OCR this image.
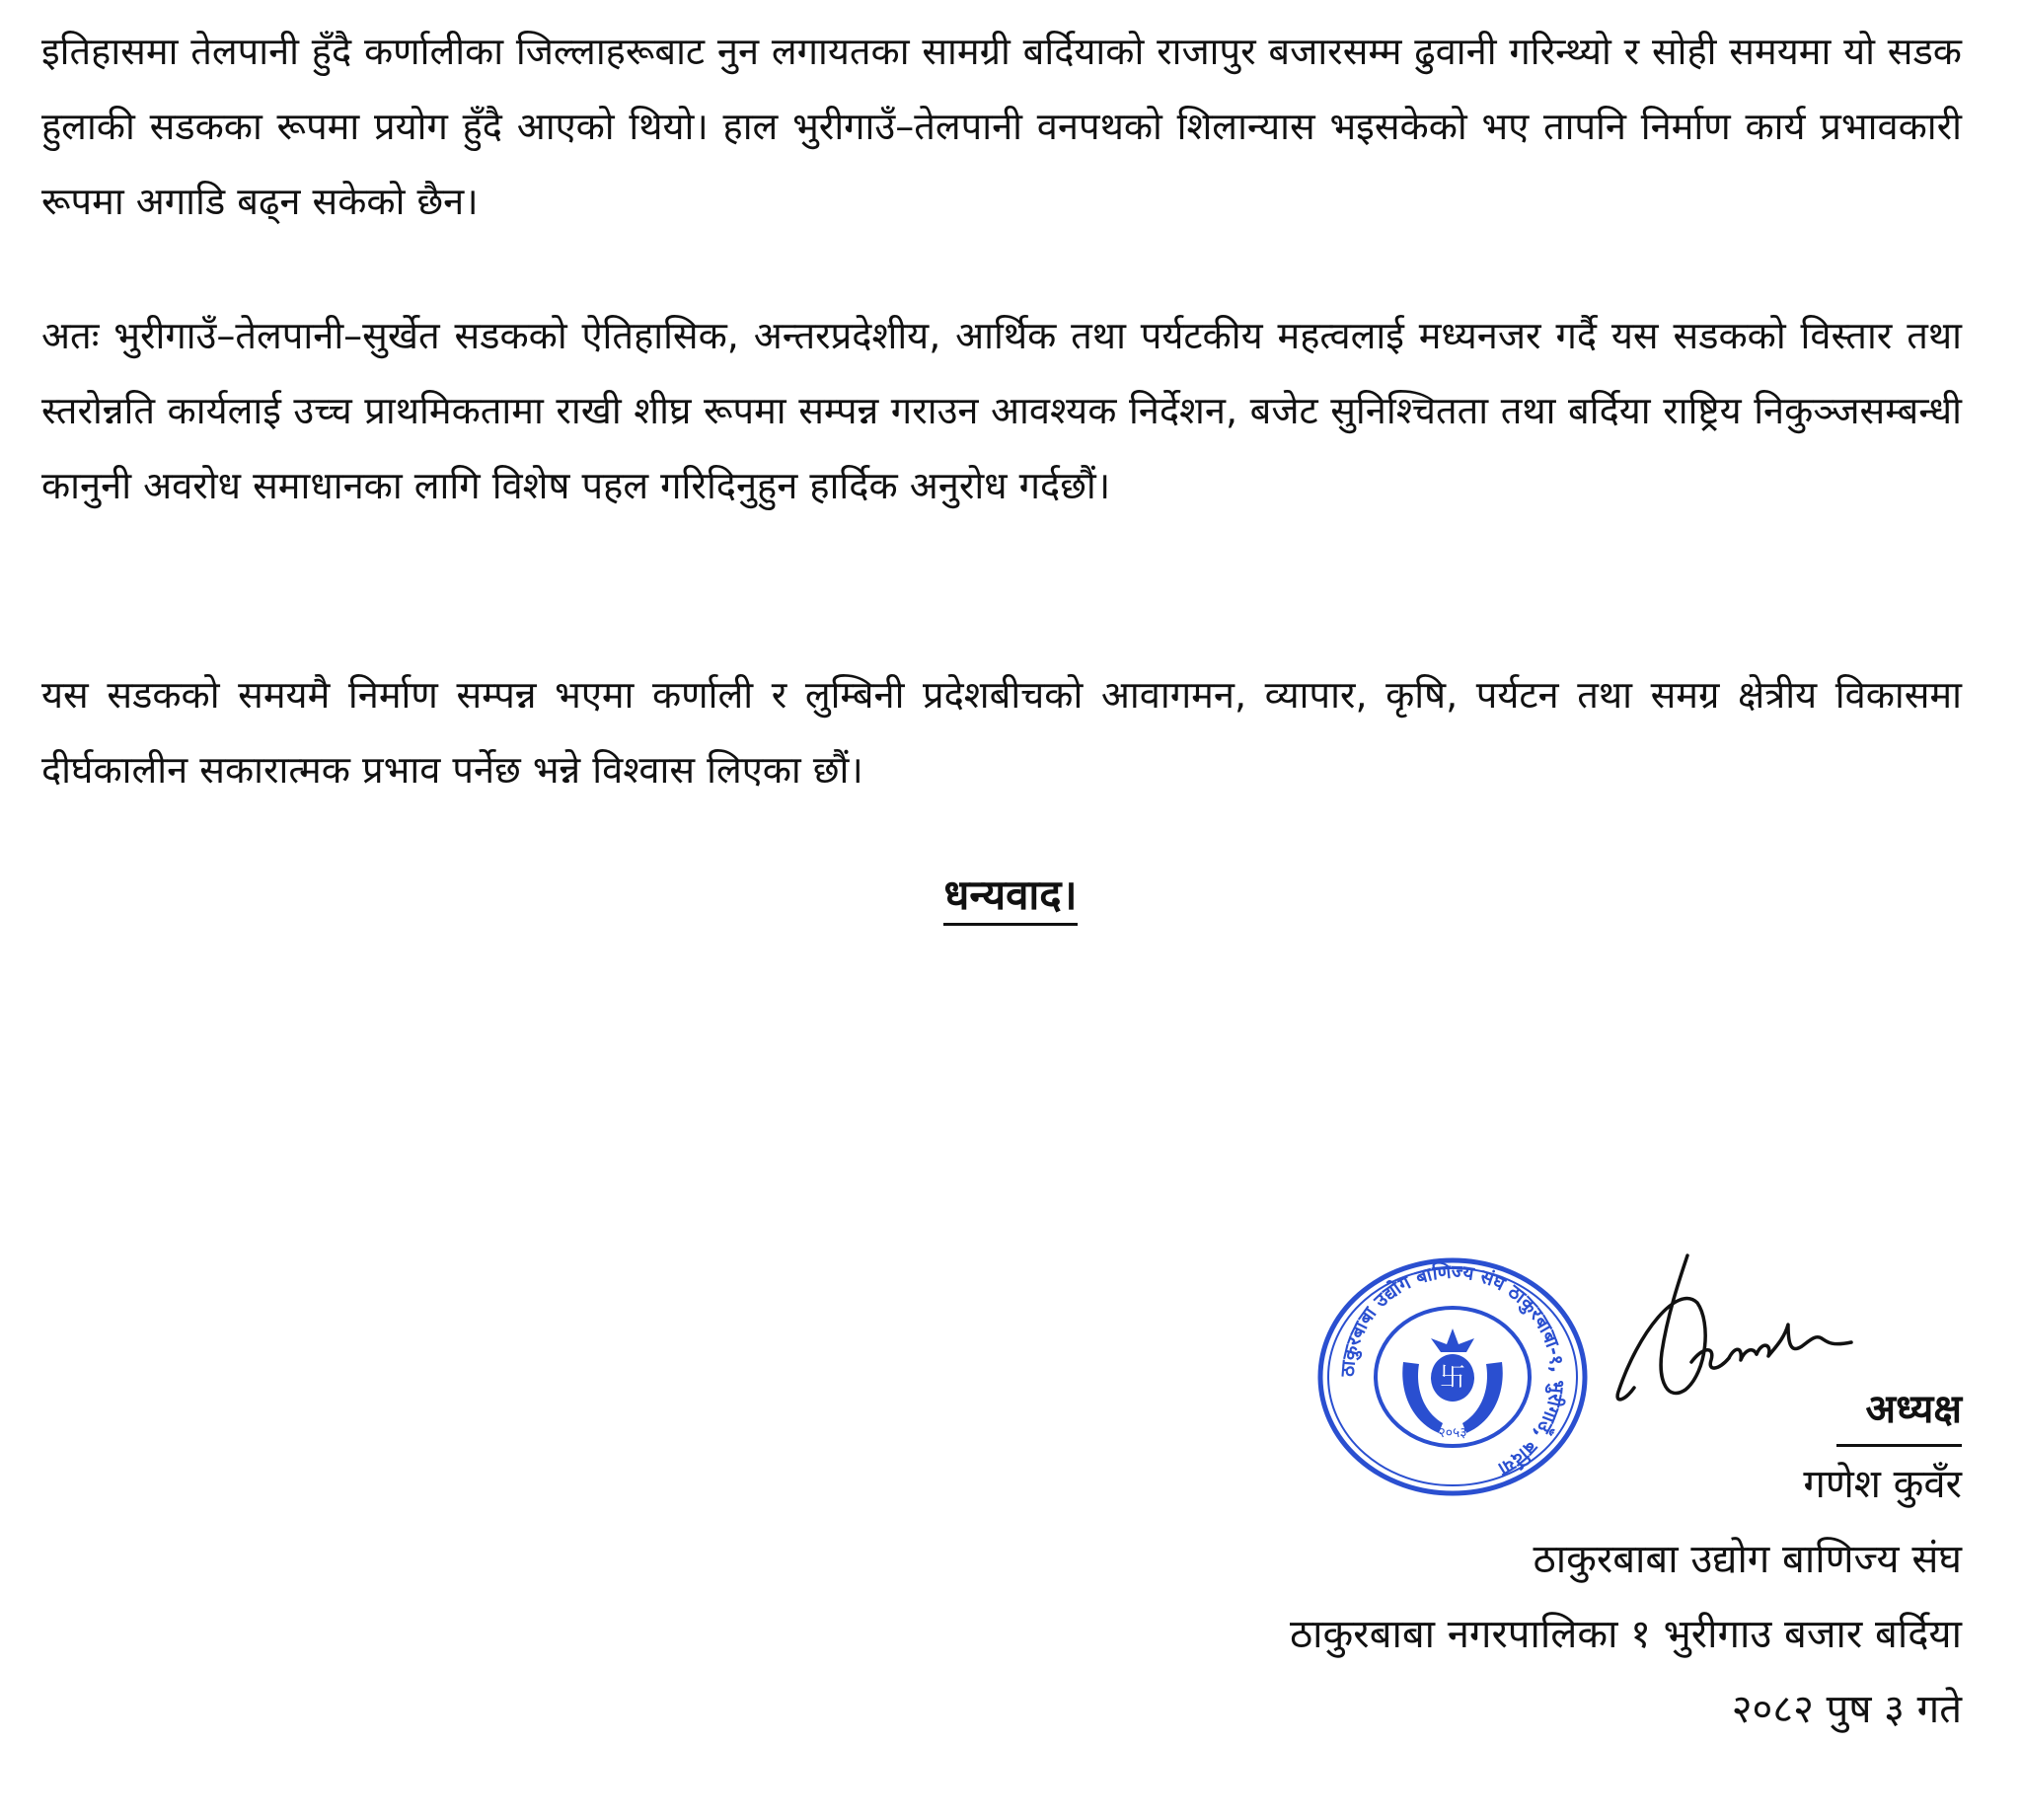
इतिहासमा तेलपानी हुँदै कर्णालीका जिल्लाहरूबाट नुन लगायतका सामग्री बर्दियाको राजापुर बजारसम्म ढुवानी गरिन्थ्यो र सोही समयमा यो सडक हुलाकी सडकका रूपमा प्रयोग हुँदै आएको थियो। हाल भुरीगाउँ–तेलपानी वनपथको शिलान्यास भइसकेको भए तापनि निर्माण कार्य प्रभावकारी रूपमा अगाडि बढ्न सकेको छैन।

अतः भुरीगाउँ–तेलपानी–सुर्खेत सडकको ऐतिहासिक, अन्तरप्रदेशीय, आर्थिक तथा पर्यटकीय महत्वलाई मध्यनजर गर्दै यस सडकको विस्तार तथा स्तरोन्नति कार्यलाई उच्च प्राथमिकतामा राखी शीघ्र रूपमा सम्पन्न गराउन आवश्यक निर्देशन, बजेट सुनिश्चितता तथा बर्दिया राष्ट्रिय निकुञ्जसम्बन्धी कानुनी अवरोध समाधानका लागि विशेष पहल गरिदिनुहुन हार्दिक अनुरोध गर्दछौं।

यस सडकको समयमै निर्माण सम्पन्न भएमा कर्णाली र लुम्बिनी प्रदेशबीचको आवागमन, व्यापार, कृषि, पर्यटन तथा समग्र क्षेत्रीय विकासमा दीर्घकालीन सकारात्मक प्रभाव पर्नेछ भन्ने विश्वास लिएका छौं।

धन्यवाद।
ठाकुरबाबा उद्योग बाणिज्य संघ ठाकुरबाबा-१, भुरीगाउँ, बर्दिया
卐
२०५३
अध्यक्ष
गणेश कुवँर
ठाकुरबाबा उद्योग बाणिज्य संघ
ठाकुरबाबा नगरपालिका १ भुरीगाउ बजार बर्दिया
२०८२ पुष ३ गते
